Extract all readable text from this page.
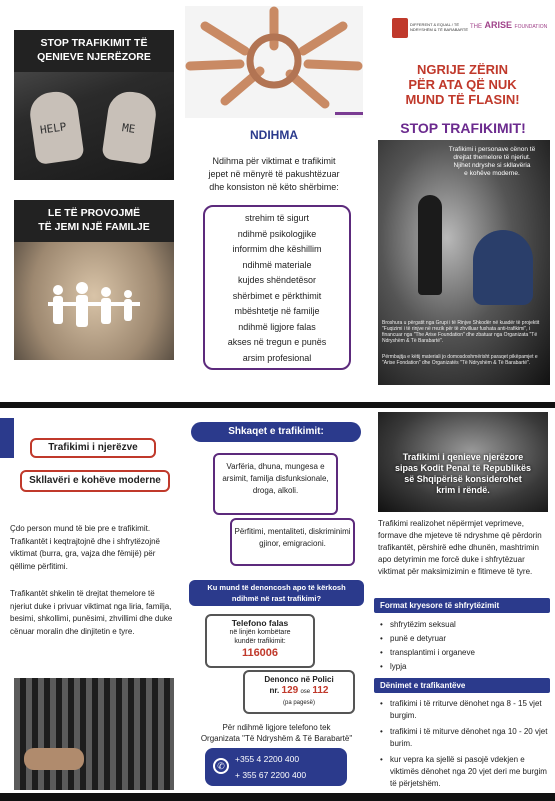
STOP TRAFIKIMIT TË
QENIEVE NJERËZORE
HELP	ME
LE TË PROVOJMË
TË JEMI NJË FAMILJE
NDIHMA
Ndihma për viktimat e trafikimit
jepet në mënyrë të pakushtëzuar
dhe konsiston në këto shërbime:
strehim të sigurt
ndihmë psikologjike
informim dhe këshillim
ndihmë materiale
kujdes shëndetësor
shërbimet e përkthimit
mbështetje në familje
ndihmë ligjore falas
akses në tregun e punës
arsim profesional
DIFFERENT & EQUAL / TË NDRYSHËM & TË BARABARTË THE ARISE FOUNDATION
NGRIJE ZËRIN
PËR ATA QË NUK
MUND TË FLASIN!
STOP TRAFIKIMIT!
Trafikimi i personave cënon të
drejtat themelore të njeriut.
Njihet ndryshe si skllavëria
e kohëve moderne.
Broshura u përgatit nga Grupi i të Rinjve Shkodër në kuadër të projektit "Fuqizimi i të rinjve në rrezik për të zhvilluar fushata anti-trafikimi", i financuar nga "The Arise Foundation" dhe zbatuar nga Organizata "Të Ndryshëm & Të Barabartë".
Përmbajtja e këtij materiali jo domosdoshmërisht paraqet pikëpamjet e "Arise Fondation" dhe Organizatës "Të Ndryshëm & Të Barabartë".
Trafikimi i njerëzve
Skllavëri e kohëve moderne
Çdo person mund të bie pre e trafikimit. Trafikantët i keqtrajtojnë dhe i shfrytëzojnë viktimat (burra, gra, vajza dhe fëmijë) për qëllime përfitimi.
Trafikantët shkelin të drejtat themelore të njeriut duke i privuar viktimat nga liria, familja, besimi, shkollimi, punësimi, zhvillimi dhe duke cënuar moralin dhe dinjitetin e tyre.
Shkaqet e trafikimit:
Varfëria, dhuna, mungesa e arsimit, familja disfunksionale, droga, alkoli.
Përfitimi, mentaliteti, diskriminimi gjinor, emigracioni.
Ku mund të denoncosh apo të kërkosh
ndihmë në rast trafikimi?
Telefono falas
në linjën kombëtare
kundër trafikimit:
116006
Denonco në Polici
nr. 129 ose 112
(pa pagesë)
Për ndihmë ligjore telefono tek
Organizata "Të Ndryshëm & Të Barabartë"
✆
+355 4 2200 400
+ 355 67 2200 400
Trafikimi i qenieve njerëzore
sipas Kodit Penal të Republikës
së Shqipërisë konsiderohet
krim i rëndë.
Trafikimi realizohet nëpërmjet veprimeve, formave dhe mjeteve të ndryshme që përdorin trafikantët, përshirë edhe dhunën, mashtrimin apo detyrimin me forcë duke i shfrytëzuar viktimat për maksimizimin e fitimeve të tyre.
Format kryesore të shfrytëzimit
• shfrytëzim seksual
• punë e detyruar
• transplantimi i organeve
• lypja
Dënimet e trafikantëve
• trafikimi i të rriturve dënohet nga 8 - 15 vjet burgim.
• trafikimi i të miturve dënohet nga 10 - 20 vjet burim.
• kur vepra ka sjellë si pasojë vdekjen e viktimës dënohet nga 20 vjet deri me burgim të përjetshëm.
